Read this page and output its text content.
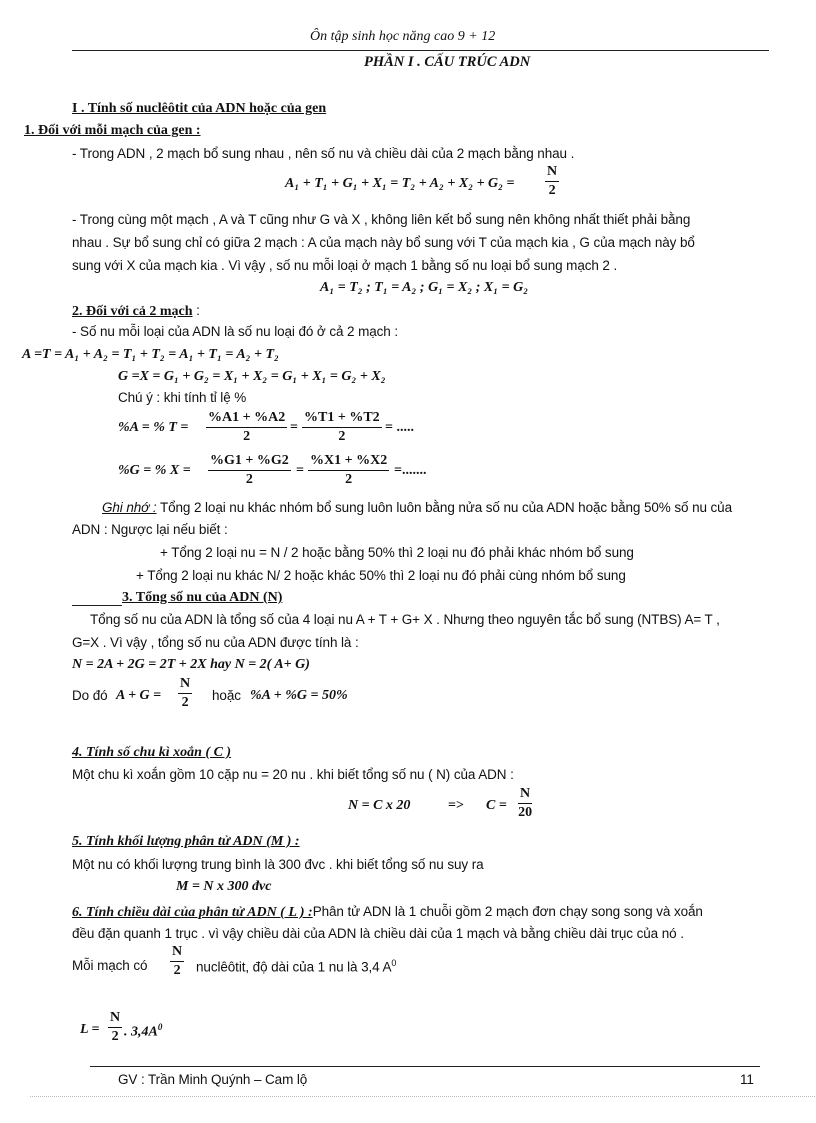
Ôn tập sinh học năng cao 9 + 12
PHẦN I . CẤU TRÚC ADN
I . Tính số nuclêôtit của ADN hoặc của gen
1. Đối với mỗi mạch của gen :
- Trong ADN , 2 mạch bổ sung nhau , nên số nu và chiều dài của 2 mạch bằng nhau .
A₁ + T₁ + G₁ + X₁ = T₂ + A₂ + X₂ + G₂ =
N
2
- Trong cùng một mạch , A và T cũng như G và X , không liên kết bổ sung nên không nhất thiết phải bằng
nhau . Sự bổ sung chỉ có giữa 2 mạch : A của mạch này bổ sung với T của mạch kia , G của mạch này bổ
sung với X của mạch kia . Vì vậy , số nu mỗi loại ở mạch 1 bằng số nu loại bổ sung mạch 2 .
A₁ = T₂ ; T₁ = A₂ ; G₁ = X₂ ; X₁ = G₂
2. Đối với cả 2 mạch :
- Số nu mỗi loại của ADN là số nu loại đó ở cả 2 mạch :
A =T = A₁ + A₂ = T₁ + T₂ = A₁ + T₁ = A₂ + T₂
G =X = G₁ + G₂ = X₁ + X₂ = G₁ + X₁ = G₂ + X₂
Chú ý : khi tính tỉ lệ %
%A = % T =
%A1 + %A2
2
=
%T1 + %T2
2
= .....
%G = % X =
%G1 + %G2
2
=
%X1 + %X2
2
=.......
Ghi nhớ : Tổng 2 loại nu khác nhóm bổ sung luôn luôn bằng nửa số nu của ADN hoặc bằng 50% số nu của
ADN : Ngược lại nếu biết :
+ Tổng 2 loại nu = N / 2 hoặc bằng 50% thì 2 loại nu đó phải khác nhóm bổ sung
+ Tổng 2 loại nu khác N/ 2 hoặc khác 50% thì 2 loại nu đó phải cùng nhóm bổ sung
3. Tổng số nu của ADN (N)
Tổng số nu của ADN là tổng số của 4 loại nu A + T + G+ X . Nhưng theo nguyên tắc bổ sung (NTBS) A= T ,
G=X . Vì vậy , tổng số nu của ADN được tính là :
N = 2A + 2G = 2T + 2X hay N = 2( A+ G)
Do đó A + G =
N
2 hoặc %A + %G = 50%
4. Tính số chu kì xoắn ( C )
Một chu kì xoắn gồm 10 cặp nu = 20 nu . khi biết tổng số nu ( N) của ADN :
N = C x 20	=> C =
N
20
5. Tính khối lượng phân tử ADN (M ) :
Một nu có khối lượng trung bình là 300 đvc . khi biết tổng số nu suy ra
M = N x 300 đvc
6. Tính chiều dài của phân tử ADN ( L ) :Phân tử ADN là 1 chuỗi gồm 2 mạch đơn chạy song song và xoắn
đều đặn quanh 1 trục . vì vậy chiều dài của ADN là chiều dài của 1 mạch và bằng chiều dài trục của nó .
Mỗi mạch có
N
2 nuclêôtit, độ dài của 1 nu là 3,4 $A^0$
L =
N
2 . $3,4A^0$
GV : Trần Minh Quýnh – Cam lộ	11
